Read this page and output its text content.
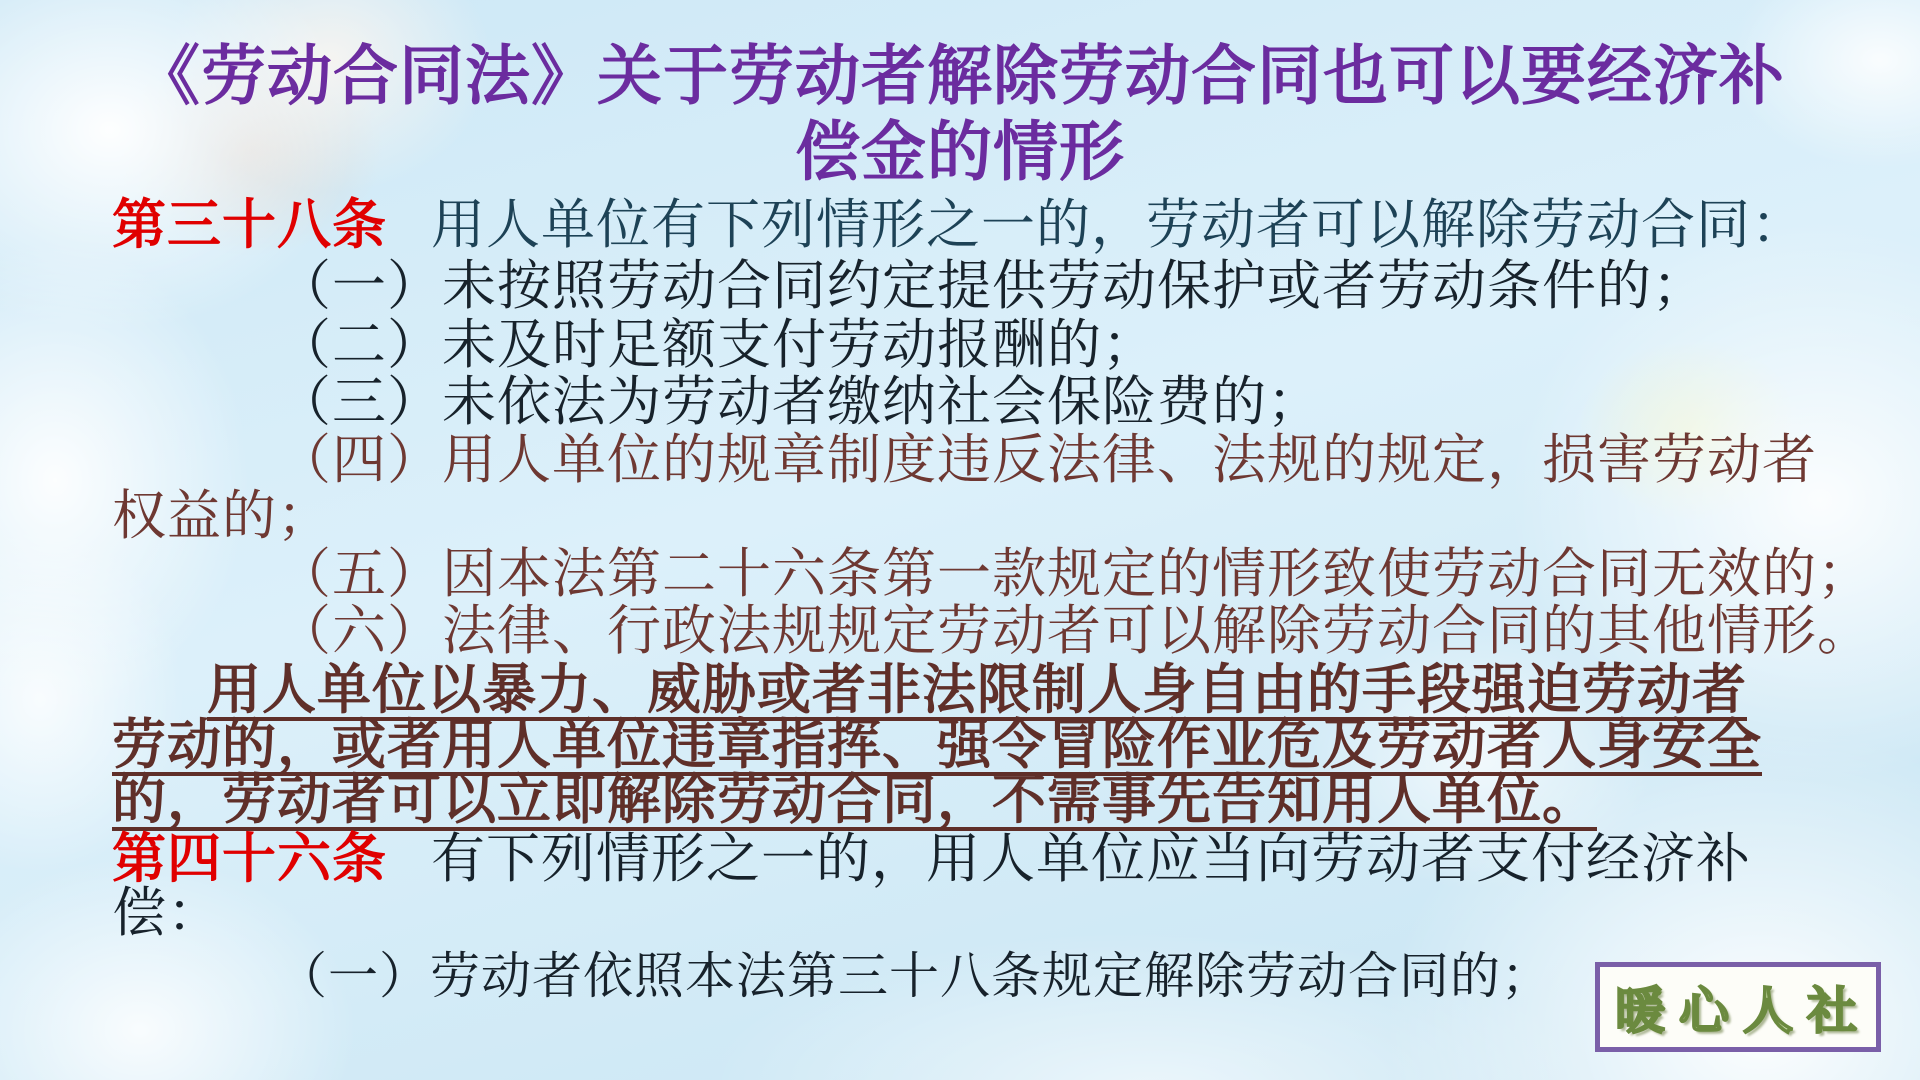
《劳动合同法》关于劳动者解除劳动合同也可以要经济补
偿金的情形
第三十八条 用人单位有下列情形之一的，劳动者可以解除劳动合同：
（一）未按照劳动合同约定提供劳动保护或者劳动条件的；
（二）未及时足额支付劳动报酬的；
（三）未依法为劳动者缴纳社会保险费的；
（四）用人单位的规章制度违反法律、法规的规定，损害劳动者
权益的；
（五）因本法第二十六条第一款规定的情形致使劳动合同无效的；
（六）法律、行政法规规定劳动者可以解除劳动合同的其他情形。
用人单位以暴力、威胁或者非法限制人身自由的手段强迫劳动者
劳动的，或者用人单位违章指挥、强令冒险作业危及劳动者人身安全
的，劳动者可以立即解除劳动合同，不需事先告知用人单位。
第四十六条 有下列情形之一的，用人单位应当向劳动者支付经济补
偿：
（一）劳动者依照本法第三十八条规定解除劳动合同的；
暖心人社
